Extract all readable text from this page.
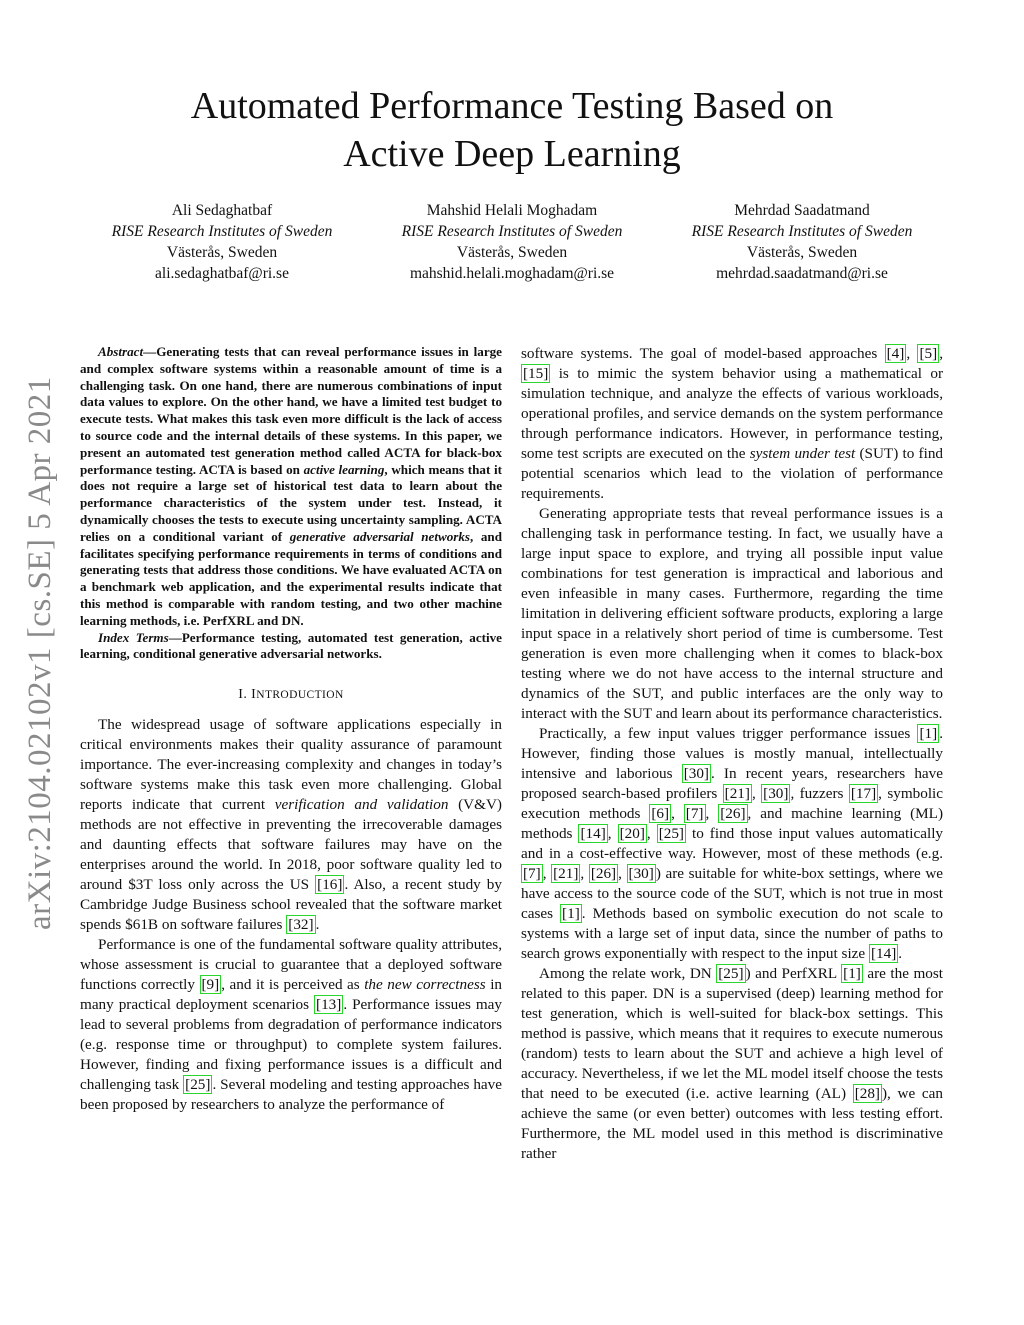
arXiv:2104.02102v1 [cs.SE] 5 Apr 2021
Automated Performance Testing Based on
Active Deep Learning
Ali Sedaghatbaf
RISE Research Institutes of Sweden
Västerås, Sweden
ali.sedaghatbaf@ri.se
Mahshid Helali Moghadam
RISE Research Institutes of Sweden
Västerås, Sweden
mahshid.helali.moghadam@ri.se
Mehrdad Saadatmand
RISE Research Institutes of Sweden
Västerås, Sweden
mehrdad.saadatmand@ri.se

Abstract—Generating tests that can reveal performance issues in large and complex software systems within a reasonable amount of time is a challenging task. On one hand, there are numerous combinations of input data values to explore. On the other hand, we have a limited test budget to execute tests. What makes this task even more difficult is the lack of access to source code and the internal details of these systems. In this paper, we present an automated test generation method called ACTA for black-box performance testing. ACTA is based on active learning, which means that it does not require a large set of historical test data to learn about the performance characteristics of the system under test. Instead, it dynamically chooses the tests to execute using uncertainty sampling. ACTA relies on a conditional variant of generative adversarial networks, and facilitates specifying performance requirements in terms of conditions and generating tests that address those conditions. We have evaluated ACTA on a benchmark web application, and the experimental results indicate that this method is comparable with random testing, and two other machine learning methods, i.e. PerfXRL and DN.

Index Terms—Performance testing, automated test generation, active learning, conditional generative adversarial networks.

I. INTRODUCTION

The widespread usage of software applications especially in critical environments makes their quality assurance of paramount importance. The ever-increasing complexity and changes in today’s software systems make this task even more challenging. Global reports indicate that current verification and validation (V&V) methods are not effective in preventing the irrecoverable damages and daunting effects that software failures may have on the enterprises around the world. In 2018, poor software quality led to around $3T loss only across the US [16] . Also, a recent study by Cambridge Judge Business school revealed that the software market spends $61B on software failures [32] .

Performance is one of the fundamental software quality attributes, whose assessment is crucial to guarantee that a deployed software functions correctly [9] , and it is perceived as the new correctness in many practical deployment scenarios [13] . Performance issues may lead to several problems from degradation of performance indicators (e.g. response time or throughput) to complete system failures. However, finding and fixing performance issues is a difficult and challenging task [25] . Several modeling and testing approaches have been proposed by researchers to analyze the performance of

software systems. The goal of model-based approaches [4] , [5] , [15] is to mimic the system behavior using a mathematical or simulation technique, and analyze the effects of various workloads, operational profiles, and service demands on the system performance through performance indicators. However, in performance testing, some test scripts are executed on the system under test (SUT) to find potential scenarios which lead to the violation of performance requirements.

Generating appropriate tests that reveal performance issues is a challenging task in performance testing. In fact, we usually have a large input space to explore, and trying all possible input value combinations for test generation is impractical and laborious and even infeasible in many cases. Furthermore, regarding the time limitation in delivering efficient software products, exploring a large input space in a relatively short period of time is cumbersome. Test generation is even more challenging when it comes to black-box testing where we do not have access to the internal structure and dynamics of the SUT, and public interfaces are the only way to interact with the SUT and learn about its performance characteristics.

Practically, a few input values trigger performance issues [1] . However, finding those values is mostly manual, intellectually intensive and laborious [30] . In recent years, researchers have proposed search-based profilers [21] , [30] , fuzzers [17] , symbolic execution methods [6] , [7] , [26] , and machine learning (ML) methods [14] , [20] , [25] to find those input values automatically and in a cost-effective way. However, most of these methods (e.g. [7] , [21] , [26] , [30] ) are suitable for white-box settings, where we have access to the source code of the SUT, which is not true in most cases [1] . Methods based on symbolic execution do not scale to systems with a large set of input data, since the number of paths to search grows exponentially with respect to the input size [14] .

Among the relate work, DN [25] ) and PerfXRL [1] are the most related to this paper. DN is a supervised (deep) learning method for test generation, which is well-suited for black-box settings. This method is passive, which means that it requires to execute numerous (random) tests to learn about the SUT and achieve a high level of accuracy. Nevertheless, if we let the ML model itself choose the tests that need to be executed (i.e. active learning (AL) [28] ), we can achieve the same (or even better) outcomes with less testing effort. Furthermore, the ML model used in this method is discriminative rather
